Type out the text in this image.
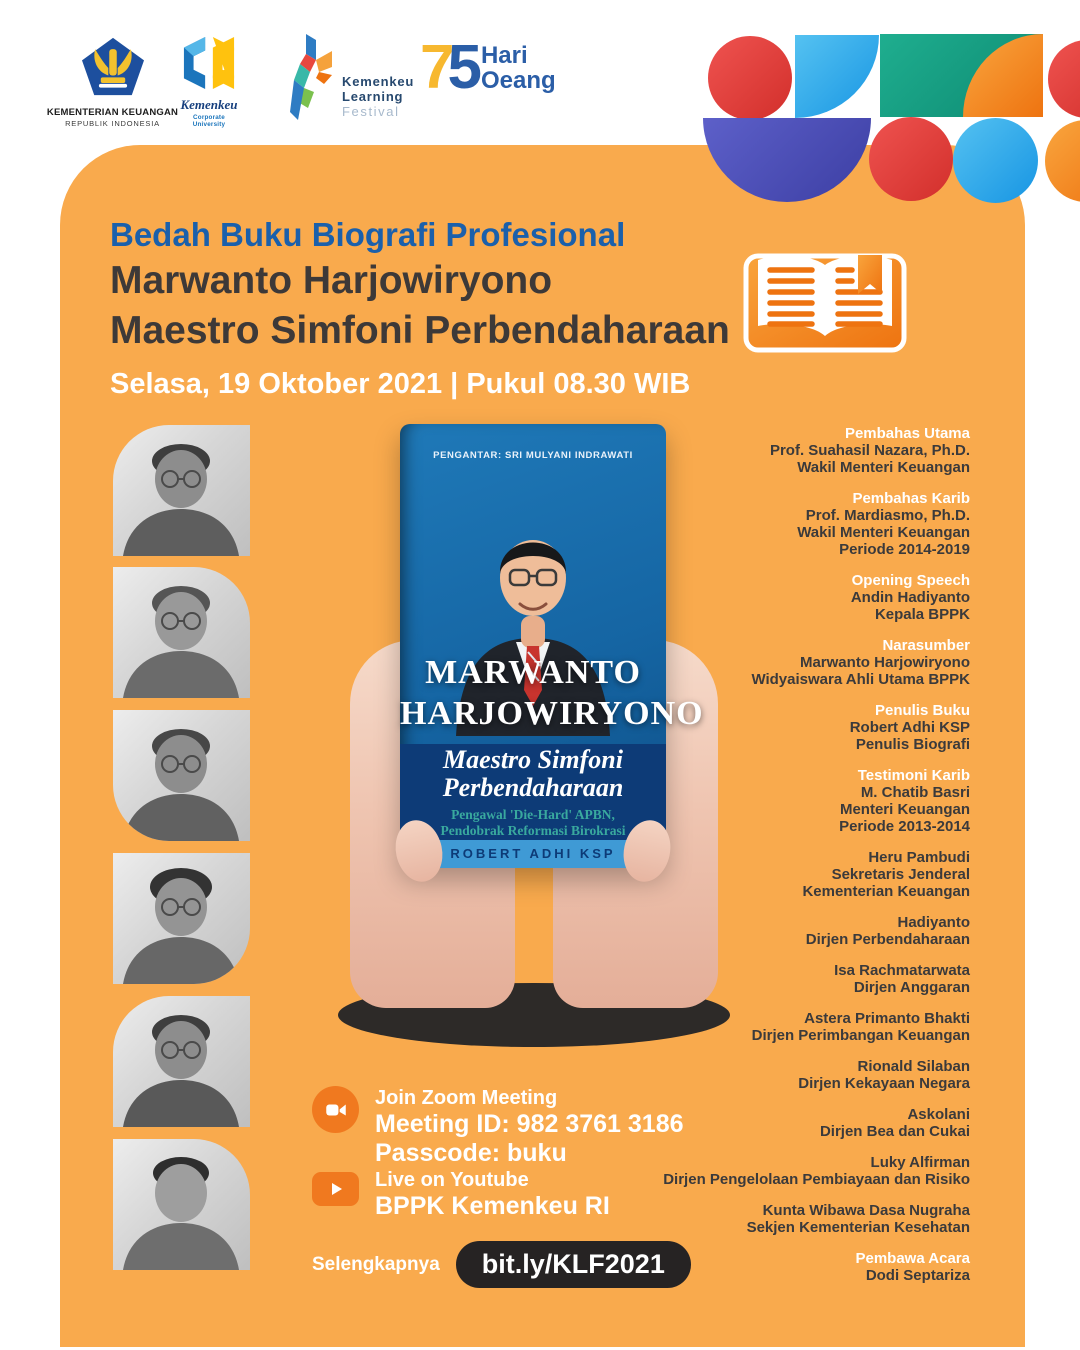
KEMENTERIAN KEUANGAN
REPUBLIK INDONESIA
Kemenkeu
Corporate University
Kemenkeu
Learning
Festival
75 Hari
Oeang
Bedah Buku Biografi Profesional
Marwanto Harjowiryono
Maestro Simfoni Perbendaharaan
Selasa, 19 Oktober 2021 | Pukul 08.30 WIB
PENGANTAR: SRI MULYANI INDRAWATI
MARWANTO
HARJOWIRYONO
Maestro Simfoni
Perbendaharaan
Pengawal 'Die-Hard' APBN,
Pendobrak Reformasi Birokrasi
ROBERT ADHI KSP
Pembahas Utama
Prof. Suahasil Nazara, Ph.D.
Wakil Menteri Keuangan
Pembahas Karib
Prof. Mardiasmo, Ph.D.
Wakil Menteri Keuangan
Periode 2014-2019
Opening Speech
Andin Hadiyanto
Kepala BPPK
Narasumber
Marwanto Harjowiryono
Widyaiswara Ahli Utama BPPK
Penulis Buku
Robert Adhi KSP
Penulis Biografi
Testimoni Karib
M. Chatib Basri
Menteri Keuangan
Periode 2013-2014
Heru Pambudi
Sekretaris Jenderal
Kementerian Keuangan
Hadiyanto
Dirjen Perbendaharaan
Isa Rachmatarwata
Dirjen Anggaran
Astera Primanto Bhakti
Dirjen Perimbangan Keuangan
Rionald Silaban
Dirjen Kekayaan Negara
Askolani
Dirjen Bea dan Cukai
Luky Alfirman
Dirjen Pengelolaan Pembiayaan dan Risiko
Kunta Wibawa Dasa Nugraha
Sekjen Kementerian Kesehatan
Pembawa Acara
Dodi Septariza
Join Zoom Meeting
Meeting ID: 982 3761 3186
Passcode: buku
Live on Youtube
BPPK Kemenkeu RI
Selengkapnya	bit.ly/KLF2021
